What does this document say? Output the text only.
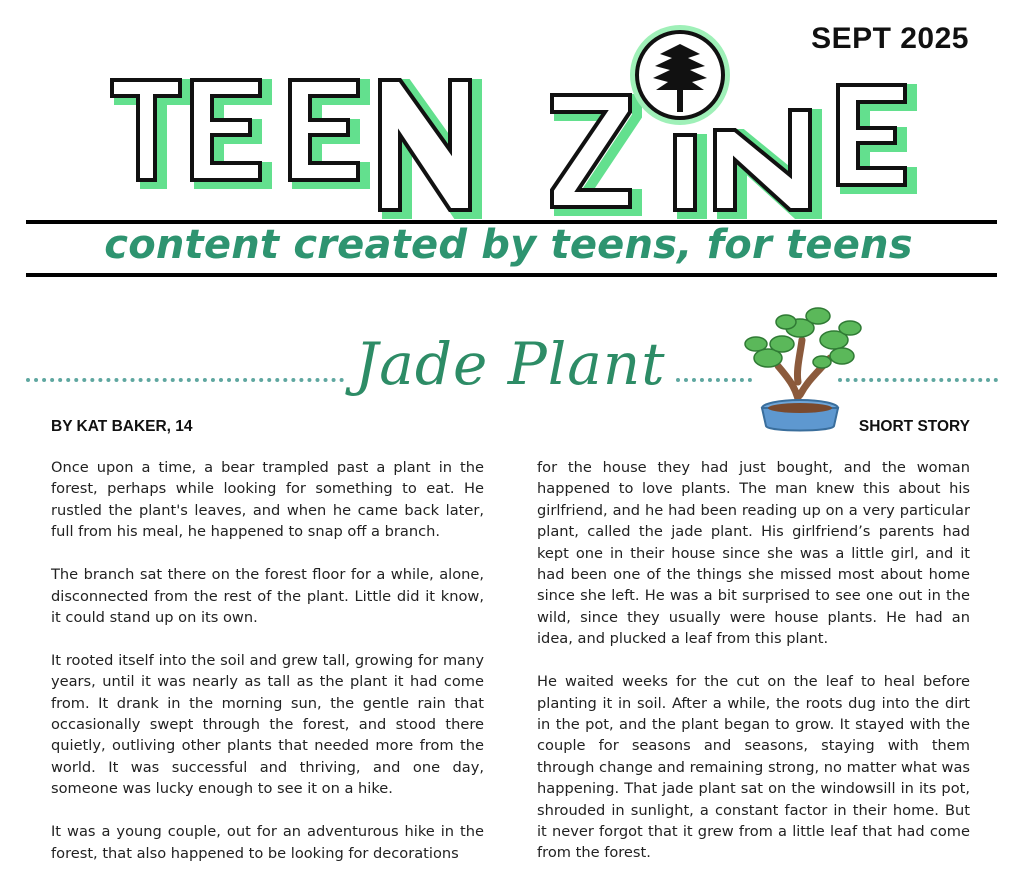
SEPT 2025
content created by teens, for teens
Jade Plant
BY KAT BAKER, 14	SHORT STORY

Once upon a time, a bear trampled past a plant in the forest, perhaps while looking for something to eat. He rustled the plant's leaves, and when he came back later, full from his meal, he happened to snap off a branch.

The branch sat there on the forest floor for a while, alone, disconnected from the rest of the plant. Little did it know, it could stand up on its own.

It rooted itself into the soil and grew tall, growing for many years, until it was nearly as tall as the plant it had come from. It drank in the morning sun, the gentle rain that occasionally swept through the forest, and stood there quietly, outliving other plants that needed more from the world. It was successful and thriving, and one day, someone was lucky enough to see it on a hike.

It was a young couple, out for an adventurous hike in the forest, that also happened to be looking for decorations

for the house they had just bought, and the woman happened to love plants. The man knew this about his girlfriend, and he had been reading up on a very particular plant, called the jade plant. His girlfriend’s parents had kept one in their house since she was a little girl, and it had been one of the things she missed most about home since she left. He was a bit surprised to see one out in the wild, since they usually were house plants. He had an idea, and plucked a leaf from this plant.

He waited weeks for the cut on the leaf to heal before planting it in soil. After a while, the roots dug into the dirt in the pot, and the plant began to grow. It stayed with the couple for seasons and seasons, staying with them through change and remaining strong, no matter what was happening. That jade plant sat on the windowsill in its pot, shrouded in sunlight, a constant factor in their home. But it never forgot that it grew from a little leaf that had come from the forest.
